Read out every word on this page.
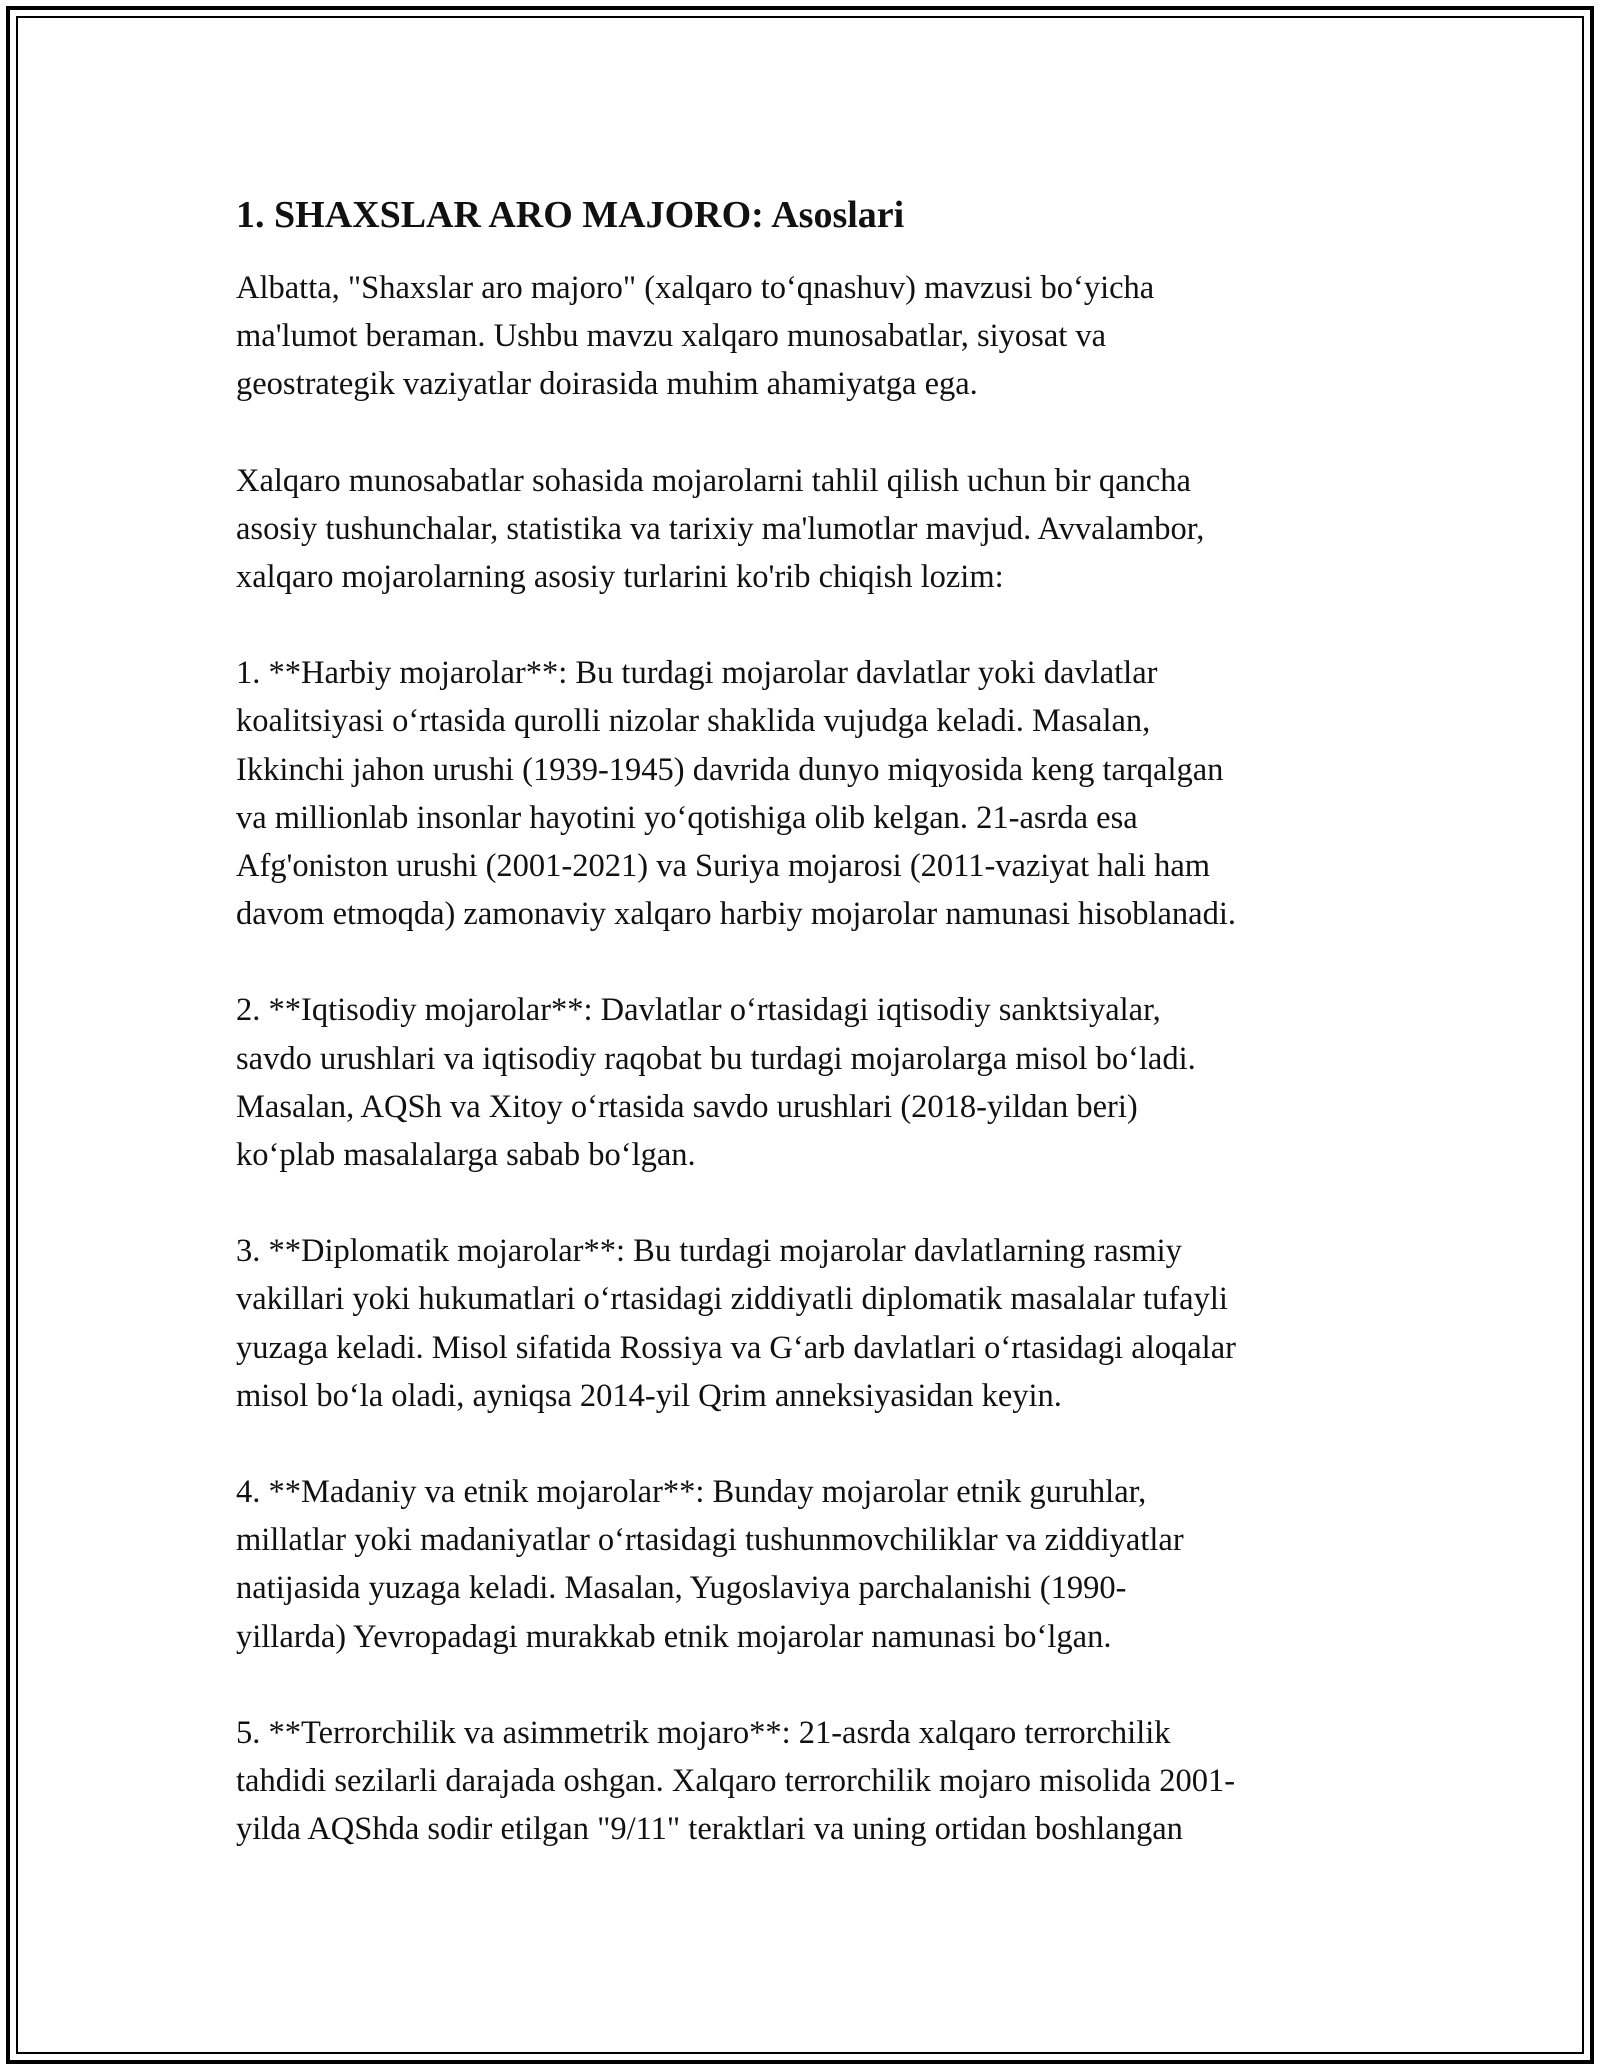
1. SHAXSLAR ARO MAJORO: Asoslari

Albatta, "Shaxslar aro majoro" (xalqaro to‘qnashuv) mavzusi bo‘yicha
ma'lumot beraman. Ushbu mavzu xalqaro munosabatlar, siyosat va
geostrategik vaziyatlar doirasida muhim ahamiyatga ega.

Xalqaro munosabatlar sohasida mojarolarni tahlil qilish uchun bir qancha
asosiy tushunchalar, statistika va tarixiy ma'lumotlar mavjud. Avvalambor,
xalqaro mojarolarning asosiy turlarini ko'rib chiqish lozim:

1. **Harbiy mojarolar**: Bu turdagi mojarolar davlatlar yoki davlatlar
koalitsiyasi o‘rtasida qurolli nizolar shaklida vujudga keladi. Masalan,
Ikkinchi jahon urushi (1939-1945) davrida dunyo miqyosida keng tarqalgan
va millionlab insonlar hayotini yo‘qotishiga olib kelgan. 21-asrda esa
Afg'oniston urushi (2001-2021) va Suriya mojarosi (2011-vaziyat hali ham
davom etmoqda) zamonaviy xalqaro harbiy mojarolar namunasi hisoblanadi.

2. **Iqtisodiy mojarolar**: Davlatlar o‘rtasidagi iqtisodiy sanktsiyalar,
savdo urushlari va iqtisodiy raqobat bu turdagi mojarolarga misol bo‘ladi.
Masalan, AQSh va Xitoy o‘rtasida savdo urushlari (2018-yildan beri)
ko‘plab masalalarga sabab bo‘lgan.

3. **Diplomatik mojarolar**: Bu turdagi mojarolar davlatlarning rasmiy
vakillari yoki hukumatlari o‘rtasidagi ziddiyatli diplomatik masalalar tufayli
yuzaga keladi. Misol sifatida Rossiya va G‘arb davlatlari o‘rtasidagi aloqalar
misol bo‘la oladi, ayniqsa 2014-yil Qrim anneksiyasidan keyin.

4. **Madaniy va etnik mojarolar**: Bunday mojarolar etnik guruhlar,
millatlar yoki madaniyatlar o‘rtasidagi tushunmovchiliklar va ziddiyatlar
natijasida yuzaga keladi. Masalan, Yugoslaviya parchalanishi (1990-
yillarda) Yevropadagi murakkab etnik mojarolar namunasi bo‘lgan.

5. **Terrorchilik va asimmetrik mojaro**: 21-asrda xalqaro terrorchilik
tahdidi sezilarli darajada oshgan. Xalqaro terrorchilik mojaro misolida 2001-
yilda AQShda sodir etilgan "9/11" teraktlari va uning ortidan boshlangan
